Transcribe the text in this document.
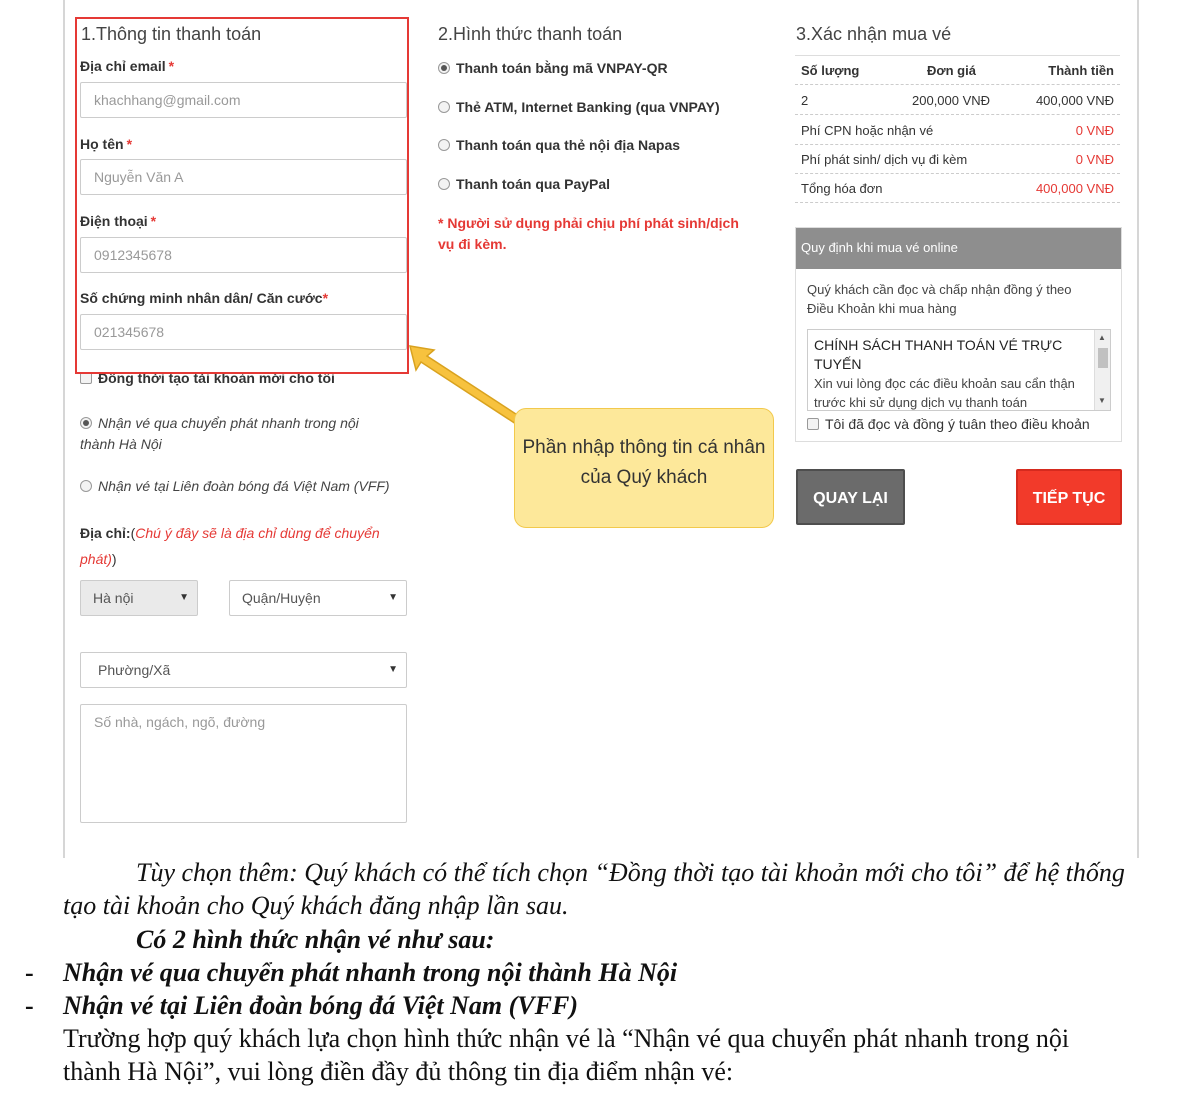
1.Thông tin thanh toán
Địa chỉ email *
khachhang@gmail.com
Họ tên *
Nguyễn Văn A
Điện thoại *
0912345678
Số chứng minh nhân dân/ Căn cước*
021345678
Đồng thời tạo tài khoản mới cho tôi
Nhận vé qua chuyển phát nhanh trong nội
thành Hà Nội
Nhận vé tại Liên đoàn bóng đá Việt Nam (VFF)
Địa chỉ:(Chú ý đây sẽ là địa chỉ dùng để chuyển
phát))
Hà nội	▼	Quận/Huyện	▼
Phường/Xã	▼
Số nhà, ngách, ngõ, đường
2.Hình thức thanh toán
Thanh toán bằng mã VNPAY-QR
Thẻ ATM, Internet Banking (qua VNPAY)
Thanh toán qua thẻ nội địa Napas
Thanh toán qua PayPal
* Người sử dụng phải chịu phí phát sinh/dịch
vụ đi kèm.
3.Xác nhận mua vé
Số lượng	Đơn giá	Thành tiền
2	200,000 VNĐ	400,000 VNĐ
Phí CPN hoặc nhận vé	0 VNĐ
Phí phát sinh/ dịch vụ đi kèm	0 VNĐ
Tổng hóa đơn	400,000 VNĐ
Quy định khi mua vé online
Quý khách cần đọc và chấp nhận đồng ý theo
Điều Khoản khi mua hàng
CHÍNH SÁCH THANH TOÁN VÉ TRỰC TUYẾN
Xin vui lòng đọc các điều khoản sau cẩn thận trước khi sử dụng dịch vụ thanh toán
▲
▼
Tôi đã đọc và đồng ý tuân theo điều khoản
QUAY LẠI	TIẾP TỤC
Phần nhập thông tin cá nhân của Quý khách
Tùy chọn thêm: Quý khách có thể tích chọn “Đồng thời tạo tài khoản mới cho tôi” để hệ thống
tạo tài khoản cho Quý khách đăng nhập lần sau.
Có 2 hình thức nhận vé như sau:
- Nhận vé qua chuyển phát nhanh trong nội thành Hà Nội
- Nhận vé tại Liên đoàn bóng đá Việt Nam (VFF)
Trường hợp quý khách lựa chọn hình thức nhận vé là “Nhận vé qua chuyển phát nhanh trong nội
thành Hà Nội”, vui lòng điền đầy đủ thông tin địa điểm nhận vé:
